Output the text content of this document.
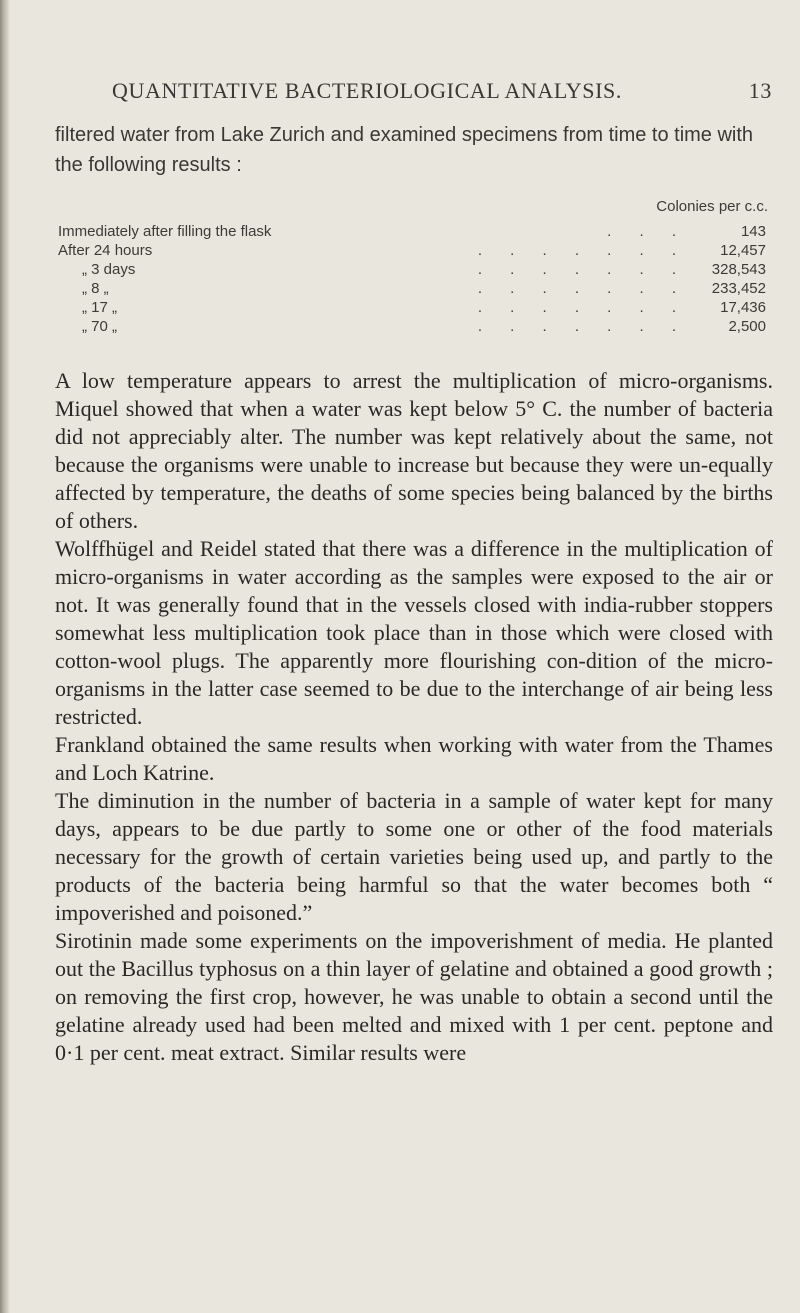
QUANTITATIVE BACTERIOLOGICAL ANALYSIS.	13

filtered water from Lake Zurich and examined specimens from time to time with the following results :

Colonies per c.c.
Immediately after filling the flask	. . .	143
After 24 hours	. . . . . . .	12,457
„ 3 days	. . . . . . .	328,543
„ 8 „	. . . . . . .	233,452
„ 17 „	. . . . . . .	17,436
„ 70 „	. . . . . . .	2,500

A low temperature appears to arrest the multiplication of micro-organisms. Miquel showed that when a water was kept below 5° C. the number of bacteria did not appreciably alter. The number was kept relatively about the same, not because the organisms were unable to increase but because they were un-equally affected by temperature, the deaths of some species being balanced by the births of others.

Wolffhügel and Reidel stated that there was a difference in the multiplication of micro-organisms in water according as the samples were exposed to the air or not. It was generally found that in the vessels closed with india-rubber stoppers somewhat less multiplication took place than in those which were closed with cotton-wool plugs. The apparently more flourishing con-dition of the micro-organisms in the latter case seemed to be due to the interchange of air being less restricted.

Frankland obtained the same results when working with water from the Thames and Loch Katrine.

The diminution in the number of bacteria in a sample of water kept for many days, appears to be due partly to some one or other of the food materials necessary for the growth of certain varieties being used up, and partly to the products of the bacteria being harmful so that the water becomes both “ impoverished and poisoned.”

Sirotinin made some experiments on the impoverishment of media. He planted out the Bacillus typhosus on a thin layer of gelatine and obtained a good growth ; on removing the first crop, however, he was unable to obtain a second until the gelatine already used had been melted and mixed with 1 per cent. peptone and 0·1 per cent. meat extract. Similar results were
